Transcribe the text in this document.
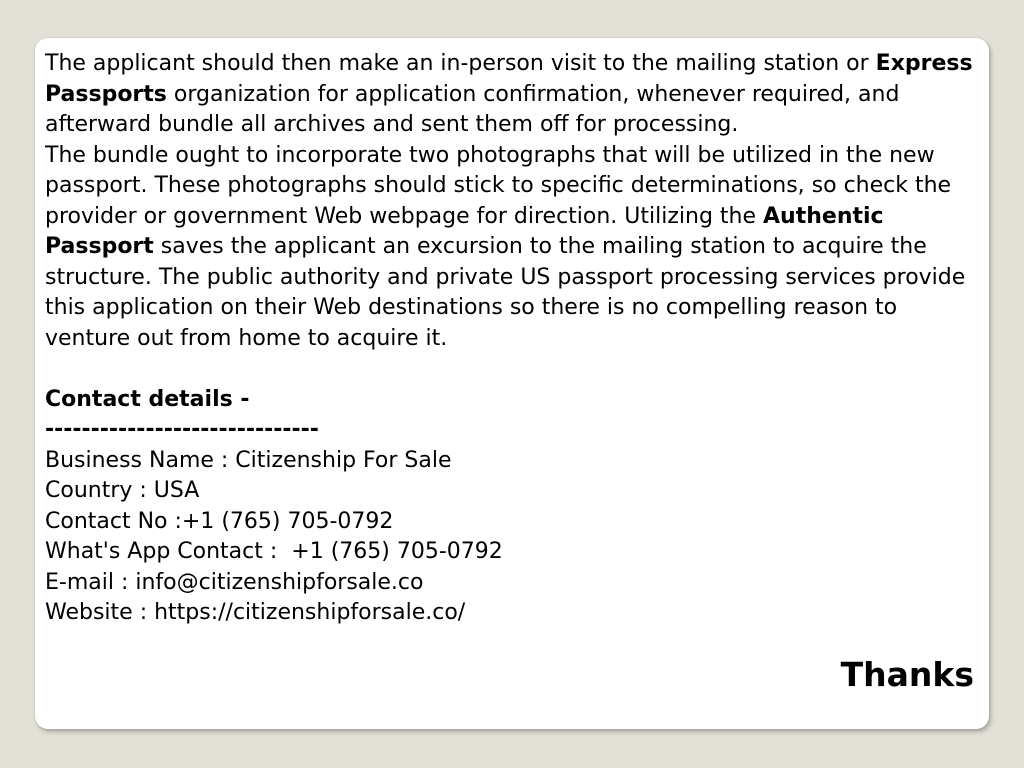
The applicant should then make an in-person visit to the mailing station or Express Passports organization for application confirmation, whenever required, and afterward bundle all archives and sent them off for processing.

The bundle ought to incorporate two photographs that will be utilized in the new passport. These photographs should stick to specific determinations, so check the provider or government Web webpage for direction. Utilizing the Authentic Passport saves the applicant an excursion to the mailing station to acquire the structure. The public authority and private US passport processing services provide this application on their Web destinations so there is no compelling reason to venture out from home to acquire it.

Contact details -

------------------------------

Business Name : Citizenship For Sale

Country : USA

Contact No :+1 (765) 705-0792

What's App Contact :  +1 (765) 705-0792

E-mail : info@citizenshipforsale.co

Website : https://citizenshipforsale.co/

Thanks
